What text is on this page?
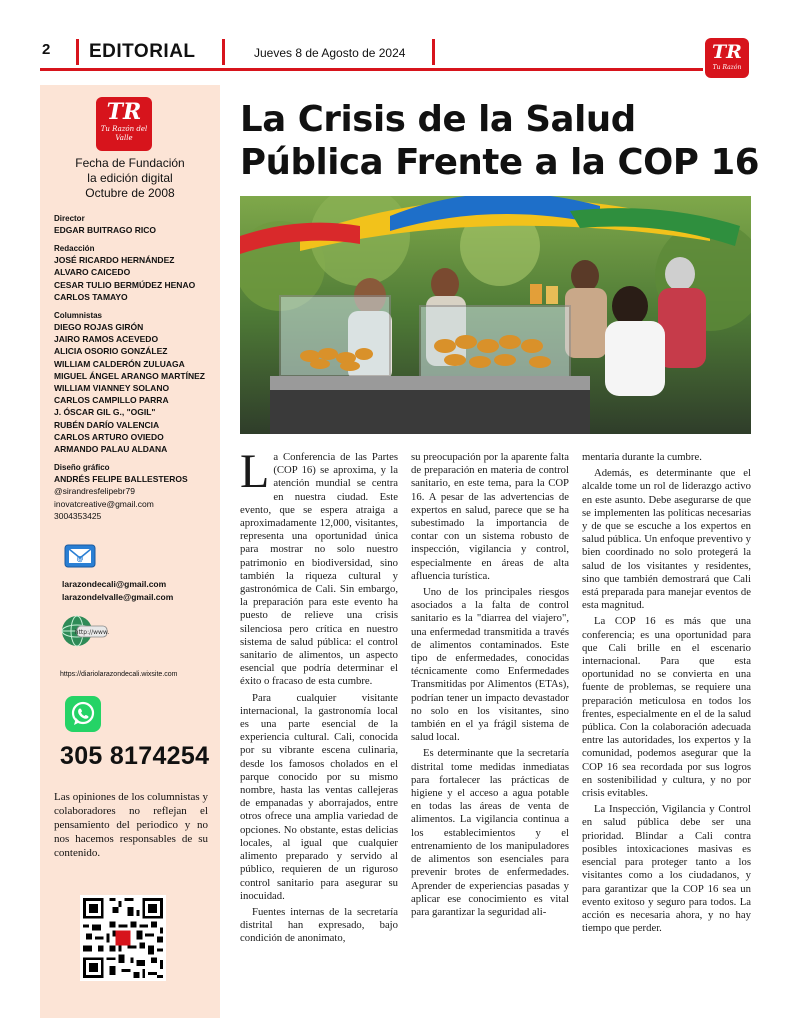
2 EDITORIAL	Jueves 8 de Agosto de 2024	TR
Tu Razón
TR
Tu Razón del Valle
Fecha de Fundación
la edición digital
Octubre de 2008
Director
EDGAR BUITRAGO RICO
Redacción
JOSÉ RICARDO HERNÁNDEZ
ALVARO CAICEDO
CESAR TULIO BERMÚDEZ HENAO
CARLOS TAMAYO
Columnistas
DIEGO ROJAS GIRÓN
JAIRO RAMOS ACEVEDO
ALICIA OSORIO GONZÁLEZ
WILLIAM CALDERÓN ZULUAGA
MIGUEL ÁNGEL ARANGO MARTÍNEZ
WILLIAM VIANNEY SOLANO
CARLOS CAMPILLO PARRA
J. ÓSCAR GIL G., "OGIL"
RUBÉN DARÍO VALENCIA
CARLOS ARTURO OVIEDO
ARMANDO PALAU ALDANA
Diseño gráfico
ANDRÉS FELIPE BALLESTEROS
@sirandresfelipebr79
inovatcreative@gmail.com
3004353425
@
larazondecali@gmail.com
larazondelvalle@gmail.com
http://www.
https://diariolarazondecali.wixsite.com
305 8174254
Las opiniones de los columnistas y colaboradores no reflejan el pensamiento del periodico y no nos hacemos responsables de su contenido.
La Crisis de la Salud
Pública Frente a la COP 16

La Conferencia de las Partes (COP 16) se aproxima, y la atención mundial se centra en nuestra ciudad. Este evento, que se espera atraiga a aproximadamente 12,000, visitantes, representa una oportunidad única para mostrar no solo nuestro patrimonio en biodiversidad, sino también la riqueza cultural y gastronómica de Cali. Sin embargo, la preparación para este evento ha puesto de relieve una crisis silenciosa pero crítica en nuestro sistema de salud pública: el control sanitario de alimentos, un aspecto esencial que podría determinar el éxito o fracaso de esta cumbre.

Para cualquier visitante internacional, la gastronomía local es una parte esencial de la experiencia cultural. Cali, conocida por su vibrante escena culinaria, desde los famosos cholados en el parque conocido por su mismo nombre, hasta las ventas callejeras de empanadas y aborrajados, entre otros ofrece una amplia variedad de opciones. No obstante, estas delicias locales, al igual que cualquier alimento preparado y servido al público, requieren de un riguroso control sanitario para asegurar su inocuidad.

Fuentes internas de la secretaría distrital han expresado, bajo condición de anonimato,

su preocupación por la aparente falta de preparación en materia de control sanitario, en este tema, para la COP 16. A pesar de las advertencias de expertos en salud, parece que se ha subestimado la importancia de contar con un sistema robusto de inspección, vigilancia y control, especialmente en áreas de alta afluencia turística.

Uno de los principales riesgos asociados a la falta de control sanitario es la "diarrea del viajero", una enfermedad transmitida a través de alimentos contaminados. Este tipo de enfermedades, conocidas técnicamente como Enfermedades Transmitidas por Alimentos (ETAs), podrían tener un impacto devastador no solo en los visitantes, sino también en el ya frágil sistema de salud local.

Es determinante que la secretaría distrital tome medidas inmediatas para fortalecer las prácticas de higiene y el acceso a agua potable en todas las áreas de venta de alimentos. La vigilancia continua a los establecimientos y el entrenamiento de los manipuladores de alimentos son esenciales para prevenir brotes de enfermedades. Aprender de experiencias pasadas y aplicar ese conocimiento es vital para garantizar la seguridad ali-

mentaria durante la cumbre.

Además, es determinante que el alcalde tome un rol de liderazgo activo en este asunto. Debe asegurarse de que se implementen las políticas necesarias y de que se escuche a los expertos en salud pública. Un enfoque preventivo y bien coordinado no solo protegerá la salud de los visitantes y residentes, sino que también demostrará que Cali está preparada para manejar eventos de esta magnitud.

La COP 16 es más que una conferencia; es una oportunidad para que Cali brille en el escenario internacional. Para que esta oportunidad no se convierta en una fuente de problemas, se requiere una preparación meticulosa en todos los frentes, especialmente en el de la salud pública. Con la colaboración adecuada entre las autoridades, los expertos y la comunidad, podemos asegurar que la COP 16 sea recordada por sus logros en sostenibilidad y cultura, y no por crisis evitables.

La Inspección, Vigilancia y Control en salud pública debe ser una prioridad. Blindar a Cali contra posibles intoxicaciones masivas es esencial para proteger tanto a los visitantes como a los ciudadanos, y para garantizar que la COP 16 sea un evento exitoso y seguro para todos. La acción es necesaria ahora, y no hay tiempo que perder.
